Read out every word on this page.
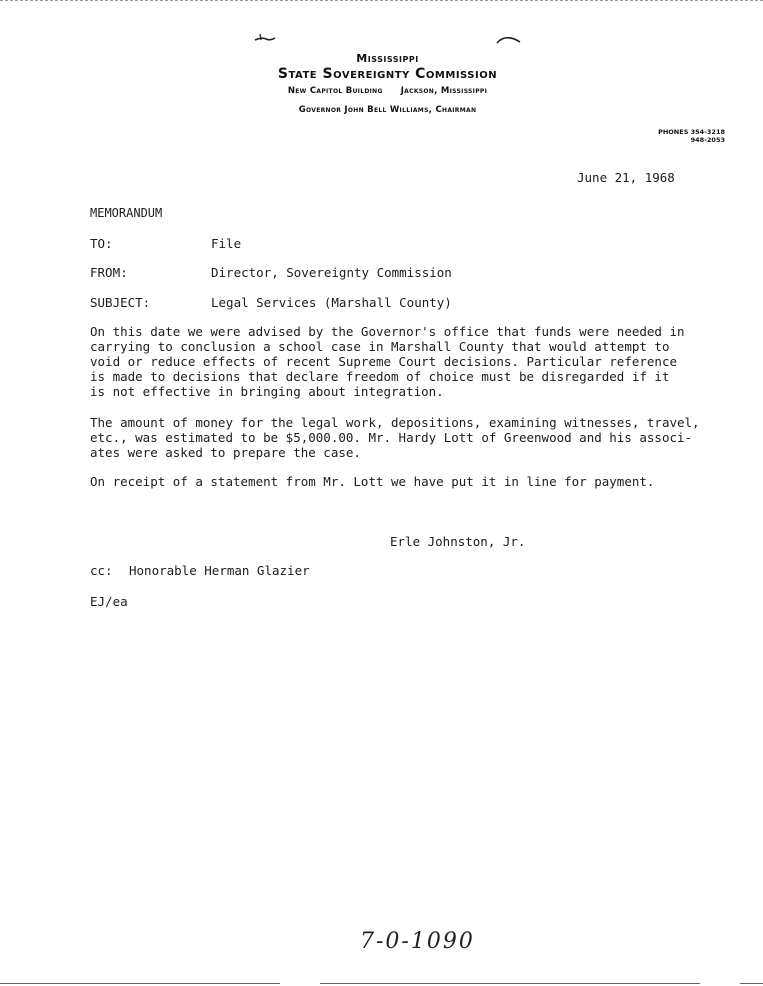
Mississippi
State Sovereignty Commission
New Capitol Building Jackson, Mississippi
Governor John Bell Williams, Chairman
PHONES 354-3218
948-2053
June 21, 1968
MEMORANDUM
TO:	File
FROM:	Director, Sovereignty Commission
SUBJECT:	Legal Services (Marshall County)
On this date we were advised by the Governor's office that funds were needed in
carrying to conclusion a school case in Marshall County that would attempt to
void or reduce effects of recent Supreme Court decisions. Particular reference
is made to decisions that declare freedom of choice must be disregarded if it
is not effective in bringing about integration.
The amount of money for the legal work, depositions, examining witnesses, travel,
etc., was estimated to be $5,000.00. Mr. Hardy Lott of Greenwood and his associ-
ates were asked to prepare the case.
On receipt of a statement from Mr. Lott we have put it in line for payment.
Erle Johnston, Jr.
cc: Honorable Herman Glazier
EJ/ea
7-0-1090
